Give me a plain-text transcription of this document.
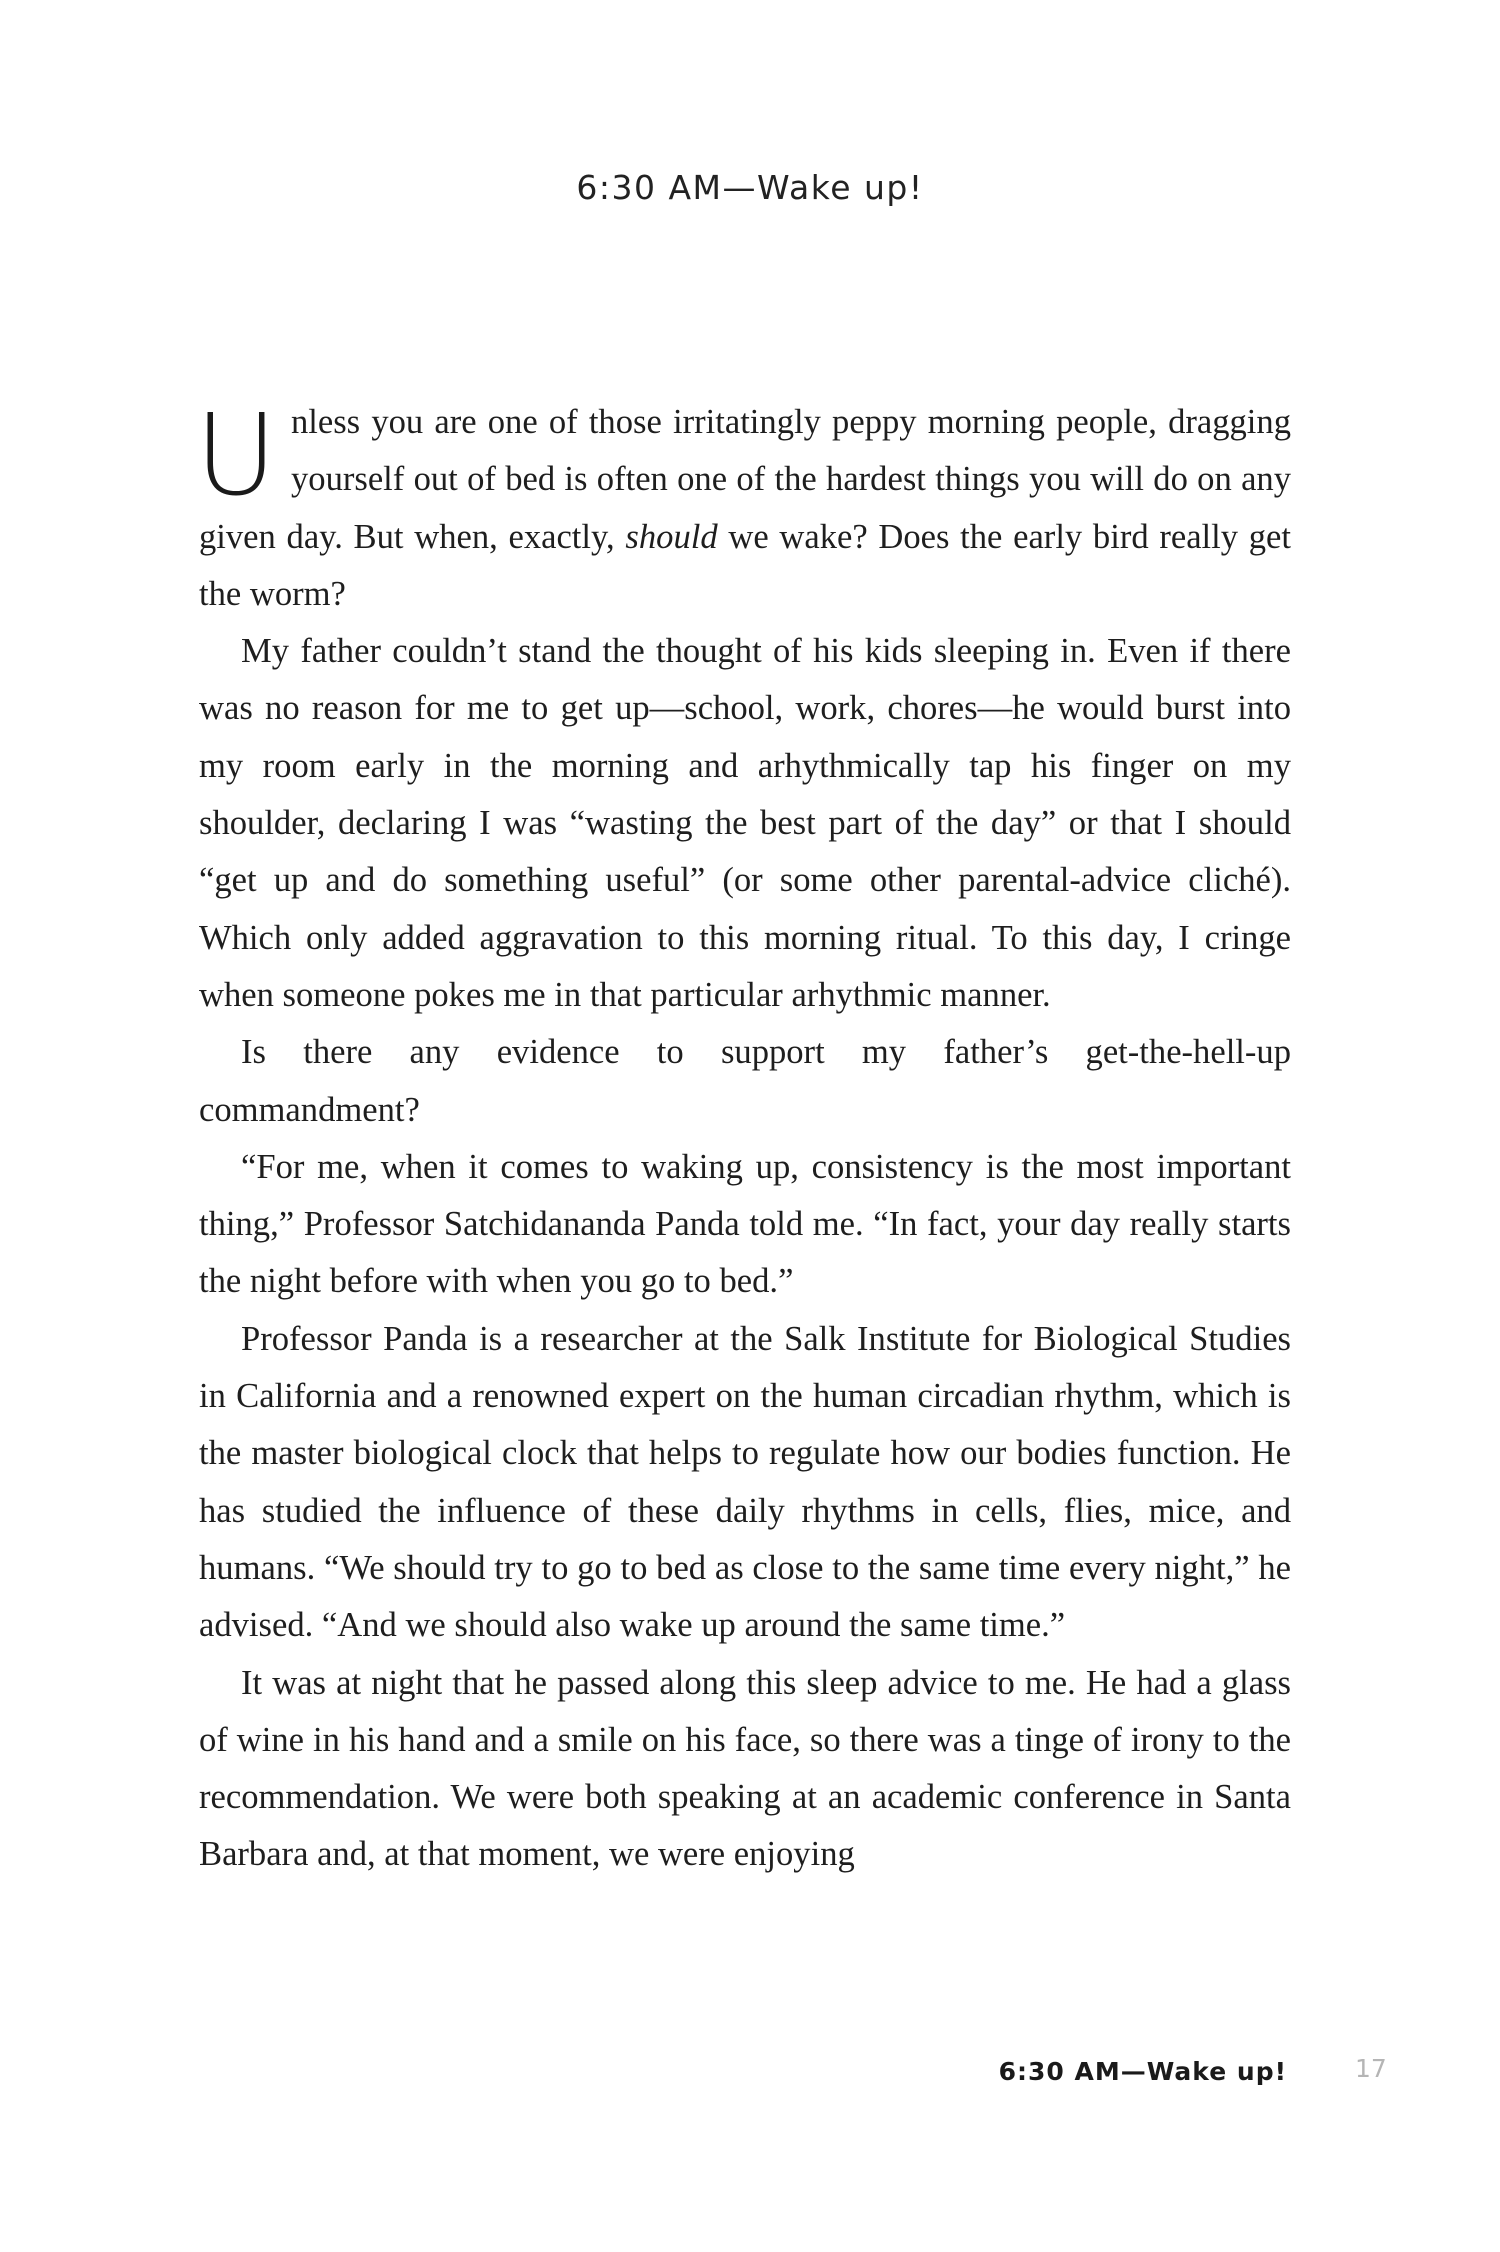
6:30 AM—Wake up!

Unless you are one of those irritatingly peppy morning people, dragging yourself out of bed is often one of the hardest things you will do on any given day. But when, exactly, should we wake? Does the early bird really get the worm?

My father couldn’t stand the thought of his kids sleeping in. Even if there was no reason for me to get up—school, work, chores—he would burst into my room early in the morning and arhythmically tap his finger on my shoulder, declaring I was “wasting the best part of the day” or that I should “get up and do something useful” (or some other parental-advice cliché). Which only added aggravation to this morning ritual. To this day, I cringe when someone pokes me in that particular arhythmic manner.

Is there any evidence to support my father’s get-the-hell-up commandment?

“For me, when it comes to waking up, consistency is the most important thing,” Professor Satchidananda Panda told me. “In fact, your day really starts the night before with when you go to bed.”

Professor Panda is a researcher at the Salk Institute for Biological Studies in California and a renowned expert on the human circadian rhythm, which is the master biological clock that helps to regulate how our bodies function. He has studied the influence of these daily rhythms in cells, flies, mice, and humans. “We should try to go to bed as close to the same time every night,” he advised. “And we should also wake up around the same time.”

It was at night that he passed along this sleep advice to me. He had a glass of wine in his hand and a smile on his face, so there was a tinge of irony to the recommendation. We were both speaking at an academic conference in Santa Barbara and, at that moment, we were enjoying

6:30 AM—Wake up!	17
